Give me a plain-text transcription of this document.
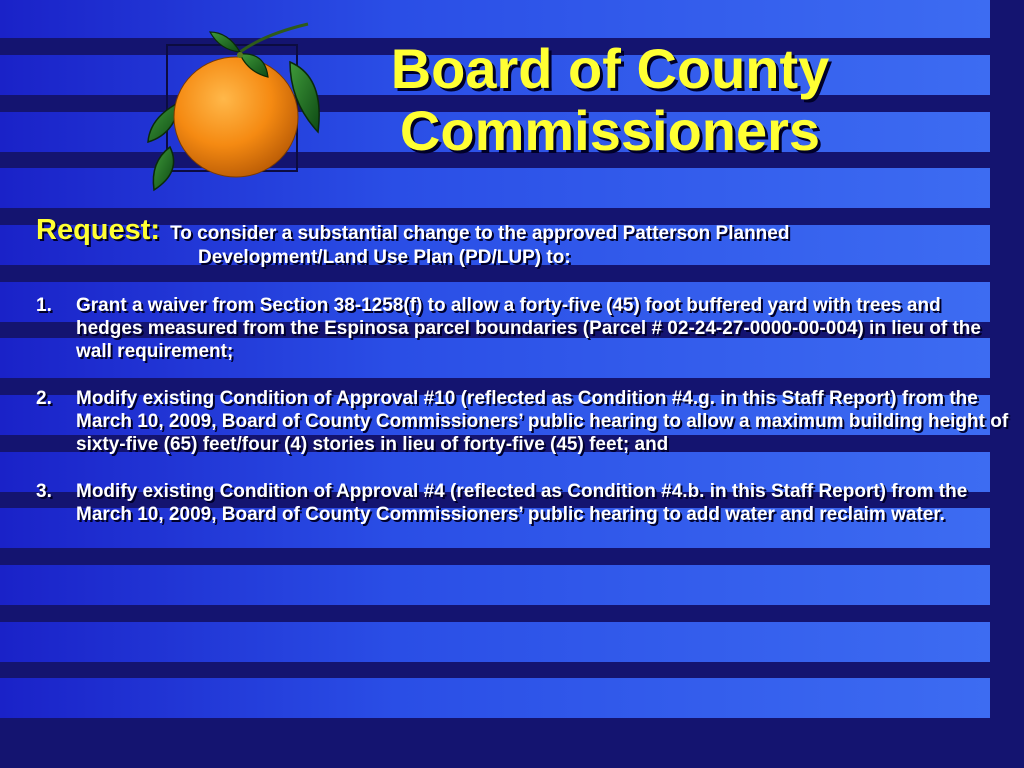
Board of County
Commissioners
Request: To consider a substantial change to the approved Patterson Planned
Development/Land Use Plan (PD/LUP) to:
1. Grant a waiver from Section 38-1258(f) to allow a forty-five (45) foot buffered yard with trees and hedges measured from the Espinosa parcel boundaries (Parcel # 02-24-27-0000-00-004) in lieu of the wall requirement;
2. Modify existing Condition of Approval #10 (reflected as Condition #4.g. in this Staff Report) from the March 10, 2009, Board of County Commissioners’ public hearing to allow a maximum building height of sixty-five (65) feet/four (4) stories in lieu of forty-five (45) feet; and
3. Modify existing Condition of Approval #4 (reflected as Condition #4.b. in this Staff Report) from the March 10, 2009, Board of County Commissioners’ public hearing to add water and reclaim water.
